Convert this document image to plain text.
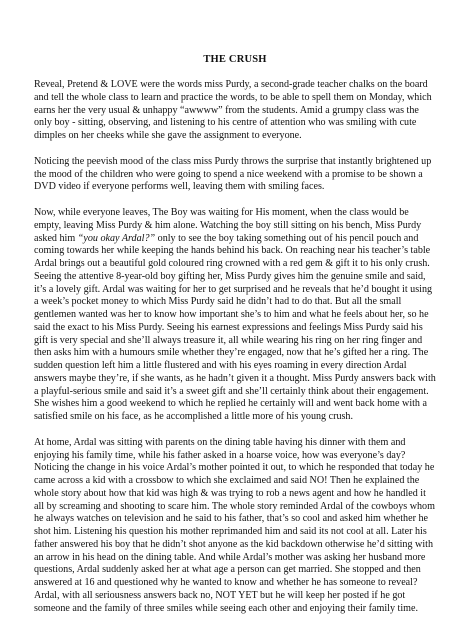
THE CRUSH

Reveal, Pretend & LOVE were the words miss Purdy, a second-grade teacher chalks on the board and tell the whole class to learn and practice the words, to be able to spell them on Monday, which earns her the very usual & unhappy “awwww” from the students. Amid a grumpy class was the only boy - sitting, observing, and listening to his centre of attention who was smiling with cute dimples on her cheeks while she gave the assignment to everyone.

Noticing the peevish mood of the class miss Purdy throws the surprise that instantly brightened up the mood of the children who were going to spend a nice weekend with a promise to be shown a DVD video if everyone performs well, leaving them with smiling faces.

Now, while everyone leaves, The Boy was waiting for His moment, when the class would be empty, leaving Miss Purdy & him alone. Watching the boy still sitting on his bench, Miss Purdy asked him “you okay Ardal?” only to see the boy taking something out of his pencil pouch and coming towards her while keeping the hands behind his back. On reaching near his teacher’s table Ardal brings out a beautiful gold coloured ring crowned with a red gem & gift it to his only crush. Seeing the attentive 8-year-old boy gifting her, Miss Purdy gives him the genuine smile and said, it’s a lovely gift. Ardal was waiting for her to get surprised and he reveals that he’d bought it using a week’s pocket money to which Miss Purdy said he didn’t had to do that. But all the small gentlemen wanted was her to know how important she’s to him and what he feels about her, so he said the exact to his Miss Purdy. Seeing his earnest expressions and feelings Miss Purdy said his gift is very special and she’ll always treasure it, all while wearing his ring on her ring finger and then asks him with a humours smile whether they’re engaged, now that he’s gifted her a ring. The sudden question left him a little flustered and with his eyes roaming in every direction Ardal answers maybe they’re, if she wants, as he hadn’t given it a thought. Miss Purdy answers back with a playful-serious smile and said it’s a sweet gift and she’ll certainly think about their engagement. She wishes him a good weekend to which he replied he certainly will and went back home with a satisfied smile on his face, as he accomplished a little more of his young crush.

At home, Ardal was sitting with parents on the dining table having his dinner with them and enjoying his family time, while his father asked in a hoarse voice, how was everyone’s day? Noticing the change in his voice Ardal’s mother pointed it out, to which he responded that today he came across a kid with a crossbow to which she exclaimed and said NO! Then he explained the whole story about how that kid was high & was trying to rob a news agent and how he handled it all by screaming and shooting to scare him. The whole story reminded Ardal of the cowboys whom he always watches on television and he said to his father, that’s so cool and asked him whether he shot him. Listening his question his mother reprimanded him and said its not cool at all. Later his father answered his boy that he didn’t shot anyone as the kid backdown otherwise he’d sitting with an arrow in his head on the dining table. And while Ardal’s mother was asking her husband more questions, Ardal suddenly asked her at what age a person can get married. She stopped and then answered at 16 and questioned why he wanted to know and whether he has someone to reveal? Ardal, with all seriousness answers back no, NOT YET but he will keep her posted if he got someone and the family of three smiles while seeing each other and enjoying their family time.
